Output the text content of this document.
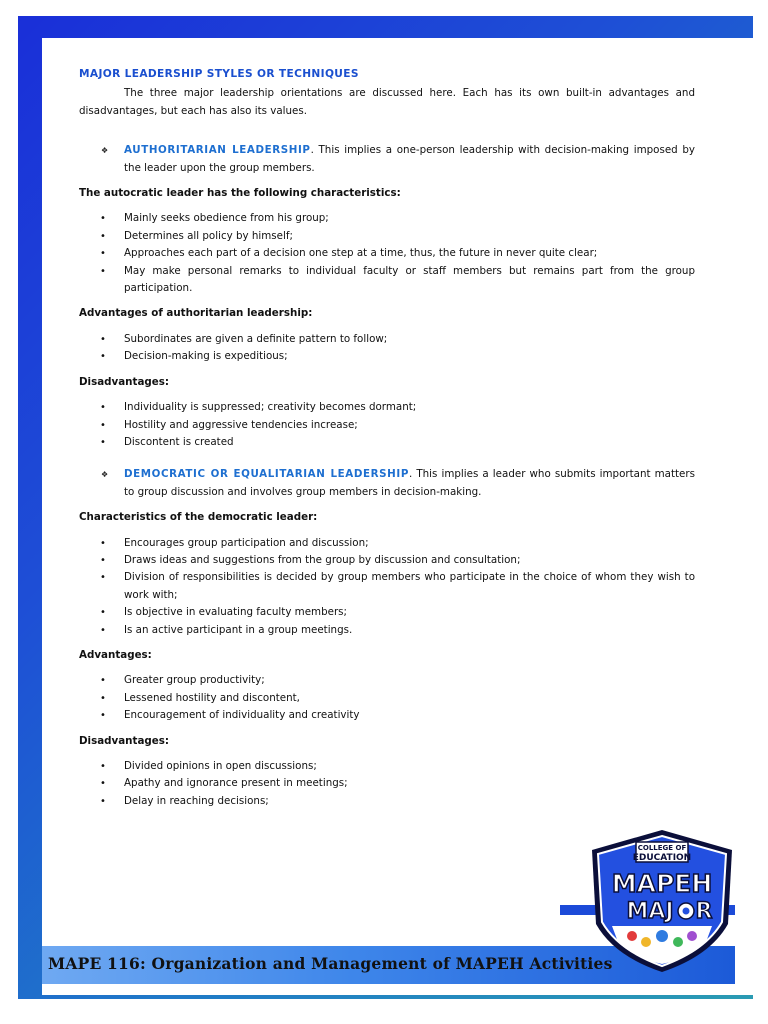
MAJOR LEADERSHIP STYLES OR TECHNIQUES

The three major leadership orientations are discussed here. Each has its own built-in advantages and disadvantages, but each has also its values.

❖ AUTHORITARIAN LEADERSHIP. This implies a one-person leadership with decision-making imposed by the leader upon the group members.

The autocratic leader has the following characteristics:

• Mainly seeks obedience from his group;
• Determines all policy by himself;
• Approaches each part of a decision one step at a time, thus, the future in never quite clear;
• May make personal remarks to individual faculty or staff members but remains part from the group participation.

Advantages of authoritarian leadership:

• Subordinates are given a definite pattern to follow;
• Decision-making is expeditious;

Disadvantages:

• Individuality is suppressed; creativity becomes dormant;
• Hostility and aggressive tendencies increase;
• Discontent is created

❖ DEMOCRATIC OR EQUALITARIAN LEADERSHIP. This implies a leader who submits important matters to group discussion and involves group members in decision-making.

Characteristics of the democratic leader:

• Encourages group participation and discussion;
• Draws ideas and suggestions from the group by discussion and consultation;
• Division of responsibilities is decided by group members who participate in the choice of whom they wish to work with;
• Is objective in evaluating faculty members;
• Is an active participant in a group meetings.

Advantages:

• Greater group productivity;
• Lessened hostility and discontent,
• Encouragement of individuality and creativity

Disadvantages:

• Divided opinions in open discussions;
• Apathy and ignorance present in meetings;
• Delay in reaching decisions;
MAPE 116: Organization and Management of MAPEH Activities
COLLEGE OF
EDUCATION
MAPEH
MAJ R
